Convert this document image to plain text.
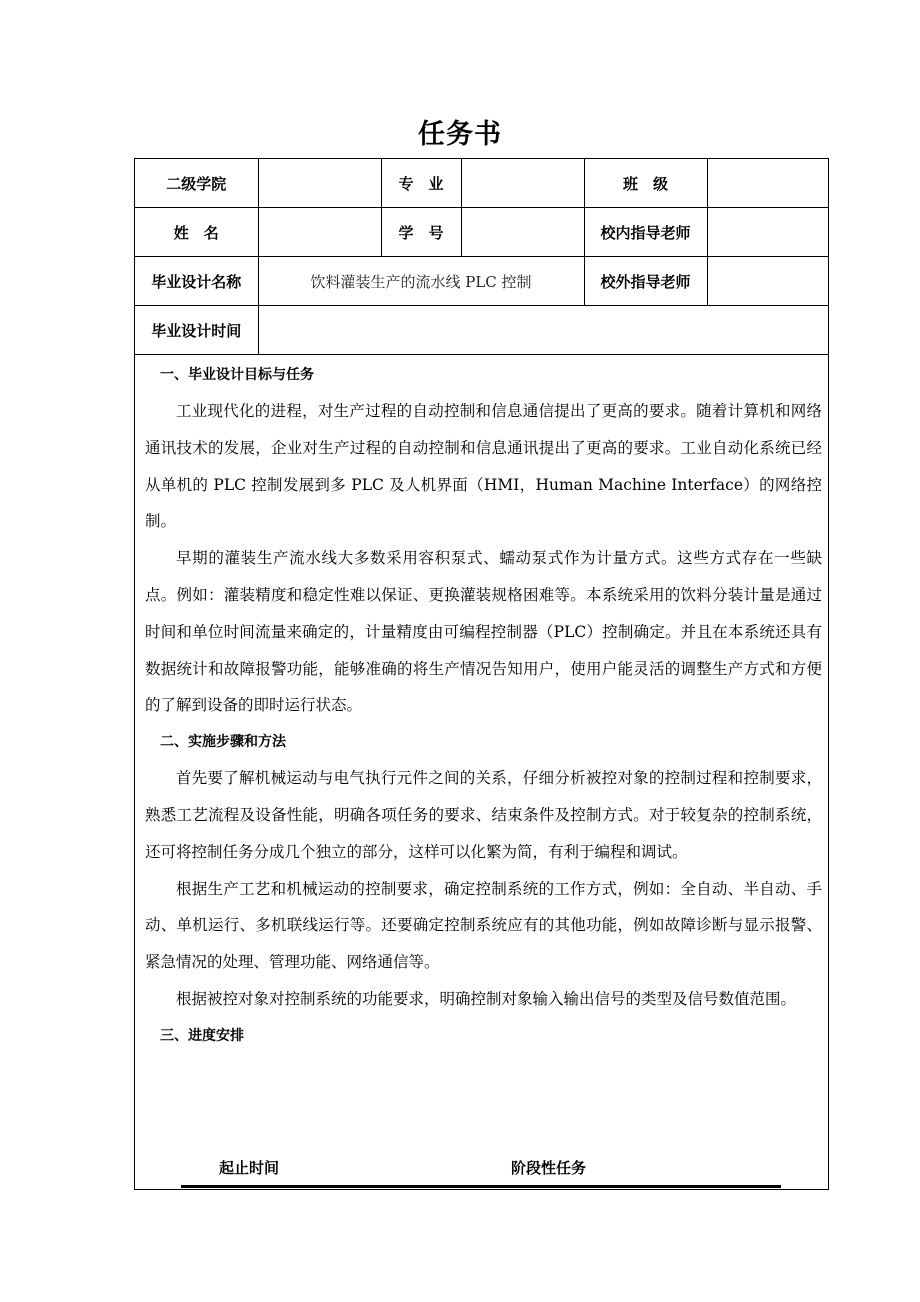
任务书
二级学院		专　业		班　级	
姓　名		学　号		校内指导老师	
毕业设计名称	饮料灌装生产的流水线 PLC 控制			校外指导老师	
毕业设计时间					
一、毕业设计目标与任务

工业现代化的进程，对生产过程的自动控制和信息通信提出了更高的要求。随着计算机和网络通讯技术的发展，企业对生产过程的自动控制和信息通讯提出了更高的要求。工业自动化系统已经从单机的 PLC 控制发展到多 PLC 及人机界面（HMI，Human Machine Interface）的网络控制。

早期的灌装生产流水线大多数采用容积泵式、蠕动泵式作为计量方式。这些方式存在一些缺点。例如：灌装精度和稳定性难以保证、更换灌装规格困难等。本系统采用的饮料分装计量是通过时间和单位时间流量来确定的，计量精度由可编程控制器（PLC）控制确定。并且在本系统还具有数据统计和故障报警功能，能够准确的将生产情况告知用户，使用户能灵活的调整生产方式和方便的了解到设备的即时运行状态。

二、实施步骤和方法

首先要了解机械运动与电气执行元件之间的关系，仔细分析被控对象的控制过程和控制要求，熟悉工艺流程及设备性能，明确各项任务的要求、结束条件及控制方式。对于较复杂的控制系统，还可将控制任务分成几个独立的部分，这样可以化繁为简，有利于编程和调试。

根据生产工艺和机械运动的控制要求，确定控制系统的工作方式，例如：全自动、半自动、手动、单机运行、多机联线运行等。还要确定控制系统应有的其他功能，例如故障诊断与显示报警、紧急情况的处理、管理功能、网络通信等。

根据被控对象对控制系统的功能要求，明确控制对象输入输出信号的类型及信号数值范围。

三、进度安排
起止时间	阶段性任务
